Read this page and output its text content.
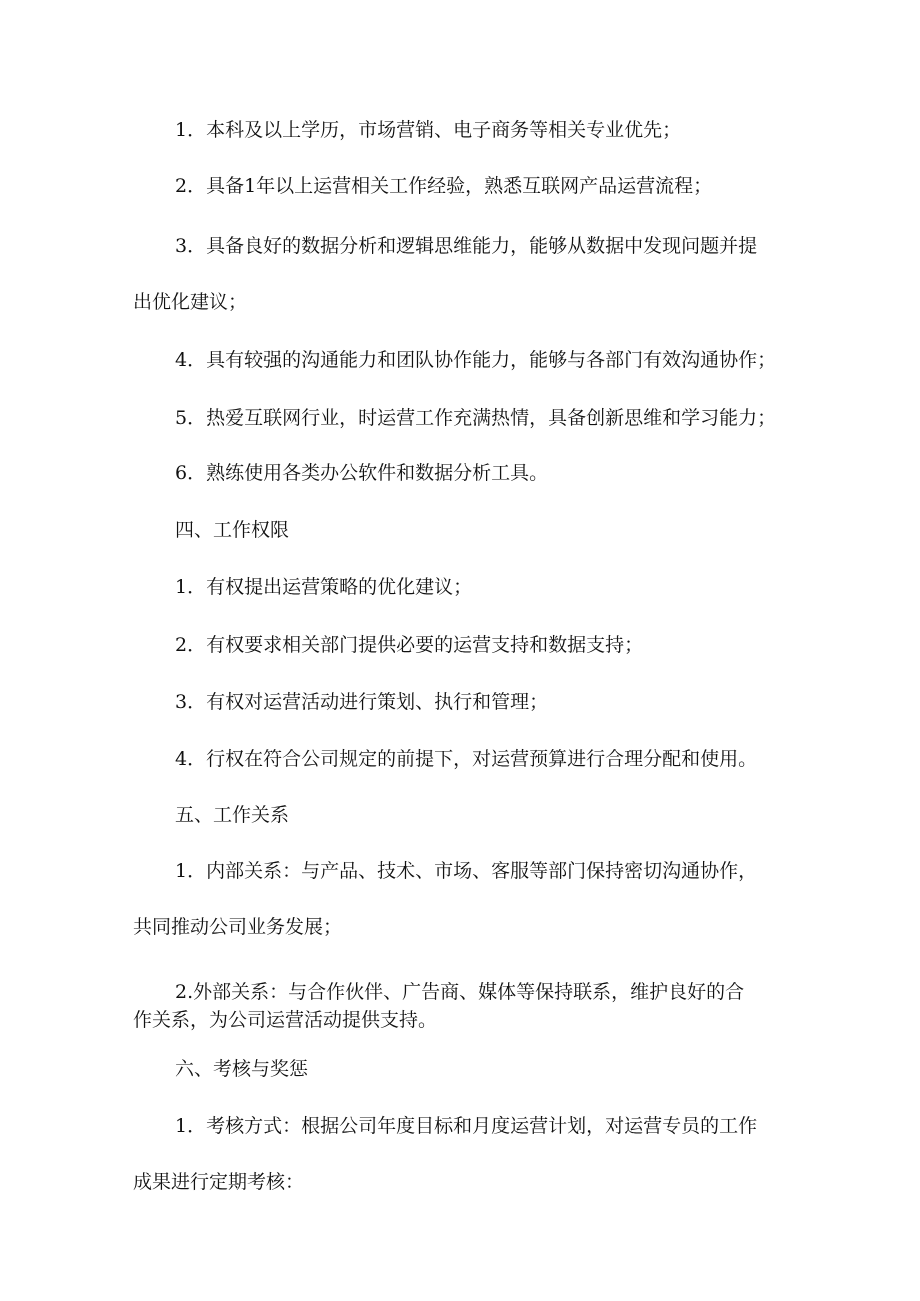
1．本科及以上学历，市场营销、电子商务等相关专业优先；
2．具备1年以上运营相关工作经验，熟悉互联网产品运营流程；
3．具备良好的数据分析和逻辑思维能力，能够从数据中发现问题并提
出优化建议；
4．具有较强的沟通能力和团队协作能力，能够与各部门有效沟通协作；
5．热爱互联网行业，时运营工作充满热情，具备创新思维和学习能力；
6．熟练使用各类办公软件和数据分析工具。
四、工作权限
1．有权提出运营策略的优化建议；
2．有权要求相关部门提供必要的运营支持和数据支持；
3．有权对运营活动进行策划、执行和管理；
4．行权在符合公司规定的前提下，对运营预算进行合理分配和使用。
五、工作关系
1．内部关系：与产品、技术、市场、客服等部门保持密切沟通协作，
共同推动公司业务发展；
2.外部关系：与合作伙伴、广告商、媒体等保持联系，维护良好的合
作关系，为公司运营活动提供支持。
六、考核与奖惩
1．考核方式：根据公司年度目标和月度运营计划，对运营专员的工作
成果进行定期考核：
